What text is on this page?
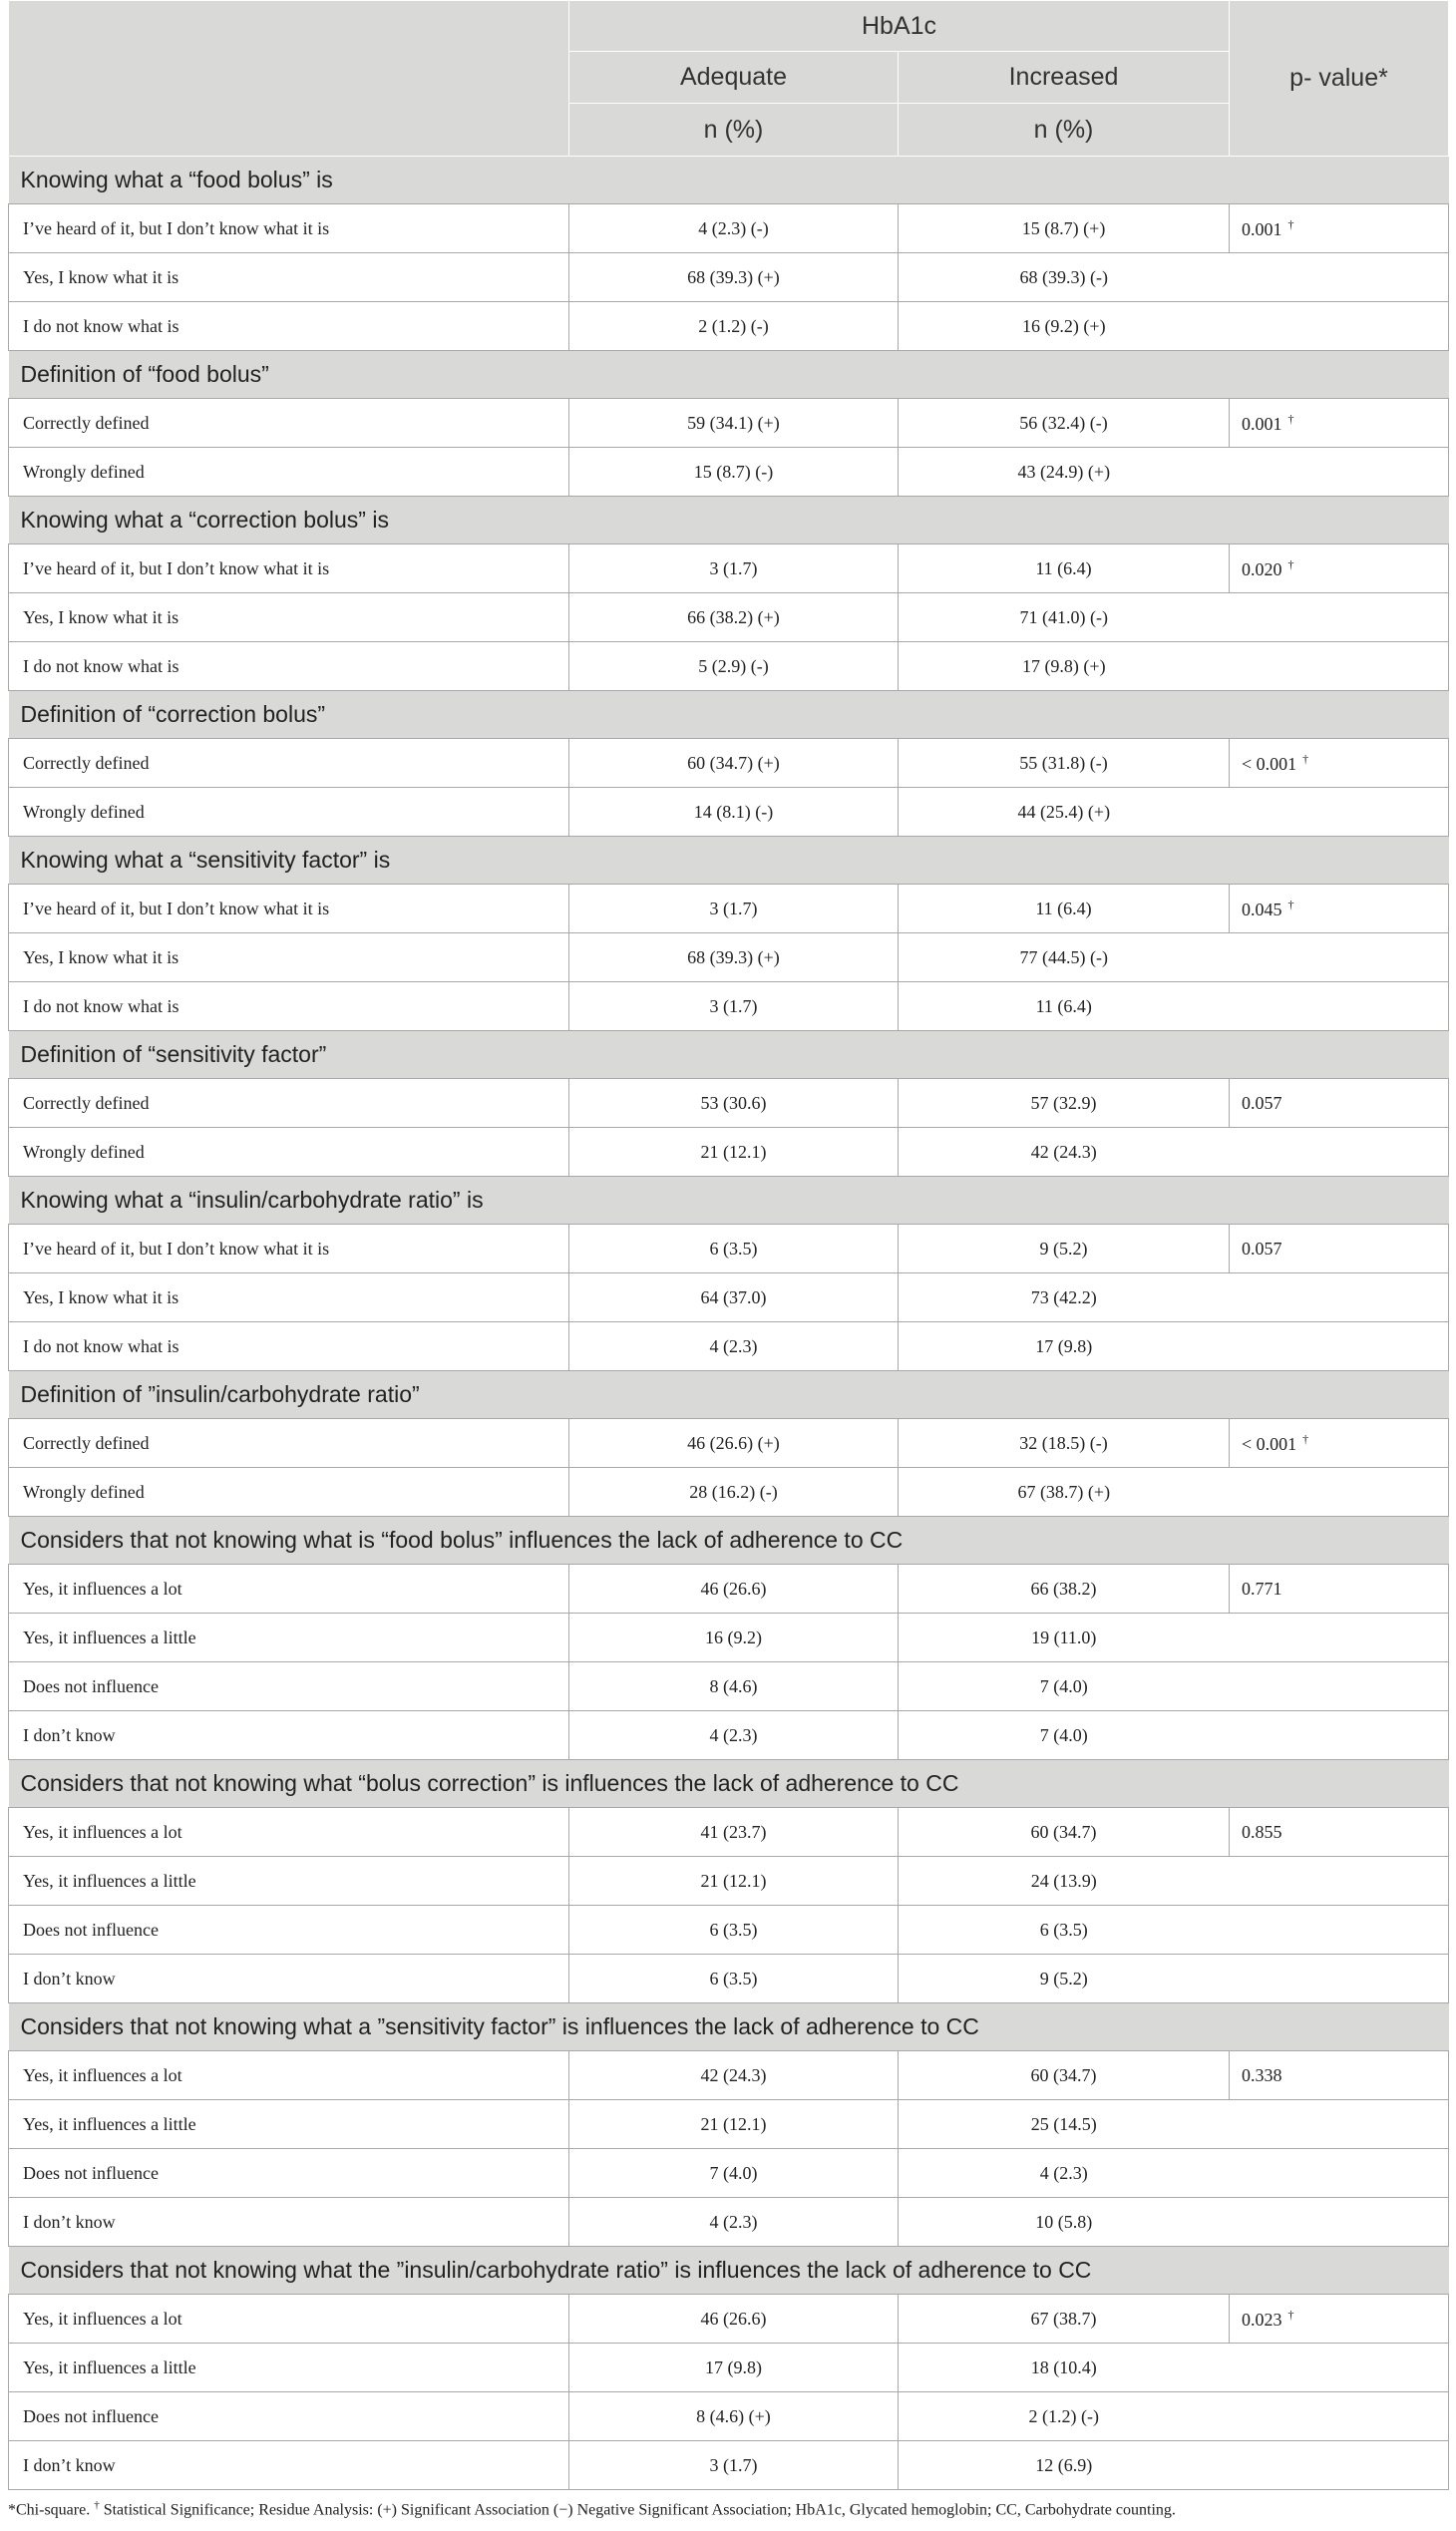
	HbA1c		p- value*
	Adequate	Increased	
	n (%)	n (%)	
Knowing what a “food bolus” is			
I’ve heard of it, but I don’t know what it is	4 (2.3) (-)	15 (8.7) (+)	0.001 †
Yes, I know what it is	68 (39.3) (+)	68 (39.3) (-)	
I do not know what is	2 (1.2) (-)	16 (9.2) (+)	
Definition of “food bolus”			
Correctly defined	59 (34.1) (+)	56 (32.4) (-)	0.001 †
Wrongly defined	15 (8.7) (-)	43 (24.9) (+)	
Knowing what a “correction bolus” is			
I’ve heard of it, but I don’t know what it is	3 (1.7)	11 (6.4)	0.020 †
Yes, I know what it is	66 (38.2) (+)	71 (41.0) (-)	
I do not know what is	5 (2.9) (-)	17 (9.8) (+)	
Definition of “correction bolus”			
Correctly defined	60 (34.7) (+)	55 (31.8) (-)	< 0.001 †
Wrongly defined	14 (8.1) (-)	44 (25.4) (+)	
Knowing what a “sensitivity factor” is			
I’ve heard of it, but I don’t know what it is	3 (1.7)	11 (6.4)	0.045 †
Yes, I know what it is	68 (39.3) (+)	77 (44.5) (-)	
I do not know what is	3 (1.7)	11 (6.4)	
Definition of “sensitivity factor”			
Correctly defined	53 (30.6)	57 (32.9)	0.057
Wrongly defined	21 (12.1)	42 (24.3)	
Knowing what a “insulin/carbohydrate ratio” is			
I’ve heard of it, but I don’t know what it is	6 (3.5)	9 (5.2)	0.057
Yes, I know what it is	64 (37.0)	73 (42.2)	
I do not know what is	4 (2.3)	17 (9.8)	
Definition of ”insulin/carbohydrate ratio”			
Correctly defined	46 (26.6) (+)	32 (18.5) (-)	< 0.001 †
Wrongly defined	28 (16.2) (-)	67 (38.7) (+)	
Considers that not knowing what is “food bolus” influences the lack of adherence to CC			
Yes, it influences a lot	46 (26.6)	66 (38.2)	0.771
Yes, it influences a little	16 (9.2)	19 (11.0)	
Does not influence	8 (4.6)	7 (4.0)	
I don’t know	4 (2.3)	7 (4.0)	
Considers that not knowing what “bolus correction” is influences the lack of adherence to CC			
Yes, it influences a lot	41 (23.7)	60 (34.7)	0.855
Yes, it influences a little	21 (12.1)	24 (13.9)	
Does not influence	6 (3.5)	6 (3.5)	
I don’t know	6 (3.5)	9 (5.2)	
Considers that not knowing what a ”sensitivity factor” is influences the lack of adherence to CC			
Yes, it influences a lot	42 (24.3)	60 (34.7)	0.338
Yes, it influences a little	21 (12.1)	25 (14.5)	
Does not influence	7 (4.0)	4 (2.3)	
I don’t know	4 (2.3)	10 (5.8)	
Considers that not knowing what the ”insulin/carbohydrate ratio” is influences the lack of adherence to CC			
Yes, it influences a lot	46 (26.6)	67 (38.7)	0.023 †
Yes, it influences a little	17 (9.8)	18 (10.4)	
Does not influence	8 (4.6) (+)	2 (1.2) (-)	
I don’t know	3 (1.7)	12 (6.9)	
*Chi-square. † Statistical Significance; Residue Analysis: (+) Significant Association (−) Negative Significant Association; HbA1c, Glycated hemoglobin; CC, Carbohydrate counting.
